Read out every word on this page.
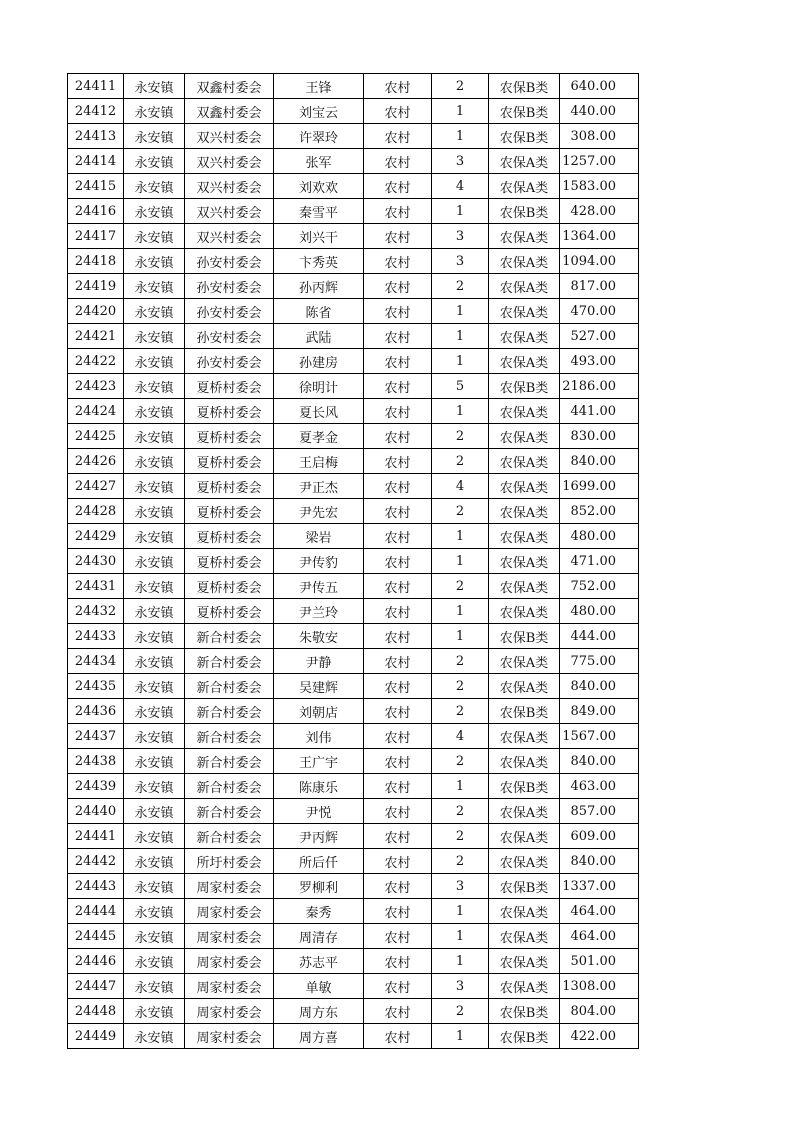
24411	永安镇	双鑫村委会	王锋	农村	2	农保B类	640.00
24412	永安镇	双鑫村委会	刘宝云	农村	1	农保B类	440.00
24413	永安镇	双兴村委会	许翠玲	农村	1	农保B类	308.00
24414	永安镇	双兴村委会	张军	农村	3	农保A类	1257.00
24415	永安镇	双兴村委会	刘欢欢	农村	4	农保A类	1583.00
24416	永安镇	双兴村委会	秦雪平	农村	1	农保B类	428.00
24417	永安镇	双兴村委会	刘兴干	农村	3	农保A类	1364.00
24418	永安镇	孙安村委会	卞秀英	农村	3	农保A类	1094.00
24419	永安镇	孙安村委会	孙丙辉	农村	2	农保A类	817.00
24420	永安镇	孙安村委会	陈省	农村	1	农保A类	470.00
24421	永安镇	孙安村委会	武陆	农村	1	农保A类	527.00
24422	永安镇	孙安村委会	孙建房	农村	1	农保A类	493.00
24423	永安镇	夏桥村委会	徐明计	农村	5	农保B类	2186.00
24424	永安镇	夏桥村委会	夏长风	农村	1	农保A类	441.00
24425	永安镇	夏桥村委会	夏孝金	农村	2	农保A类	830.00
24426	永安镇	夏桥村委会	王启梅	农村	2	农保A类	840.00
24427	永安镇	夏桥村委会	尹正杰	农村	4	农保A类	1699.00
24428	永安镇	夏桥村委会	尹先宏	农村	2	农保A类	852.00
24429	永安镇	夏桥村委会	梁岩	农村	1	农保A类	480.00
24430	永安镇	夏桥村委会	尹传豹	农村	1	农保A类	471.00
24431	永安镇	夏桥村委会	尹传五	农村	2	农保A类	752.00
24432	永安镇	夏桥村委会	尹兰玲	农村	1	农保A类	480.00
24433	永安镇	新合村委会	朱敬安	农村	1	农保B类	444.00
24434	永安镇	新合村委会	尹静	农村	2	农保A类	775.00
24435	永安镇	新合村委会	吴建辉	农村	2	农保A类	840.00
24436	永安镇	新合村委会	刘朝店	农村	2	农保B类	849.00
24437	永安镇	新合村委会	刘伟	农村	4	农保A类	1567.00
24438	永安镇	新合村委会	王广宇	农村	2	农保A类	840.00
24439	永安镇	新合村委会	陈康乐	农村	1	农保B类	463.00
24440	永安镇	新合村委会	尹悦	农村	2	农保A类	857.00
24441	永安镇	新合村委会	尹丙辉	农村	2	农保A类	609.00
24442	永安镇	所圩村委会	所后仟	农村	2	农保A类	840.00
24443	永安镇	周家村委会	罗柳利	农村	3	农保B类	1337.00
24444	永安镇	周家村委会	秦秀	农村	1	农保A类	464.00
24445	永安镇	周家村委会	周清存	农村	1	农保A类	464.00
24446	永安镇	周家村委会	苏志平	农村	1	农保A类	501.00
24447	永安镇	周家村委会	单敏	农村	3	农保A类	1308.00
24448	永安镇	周家村委会	周方东	农村	2	农保B类	804.00
24449	永安镇	周家村委会	周方喜	农村	1	农保B类	422.00
